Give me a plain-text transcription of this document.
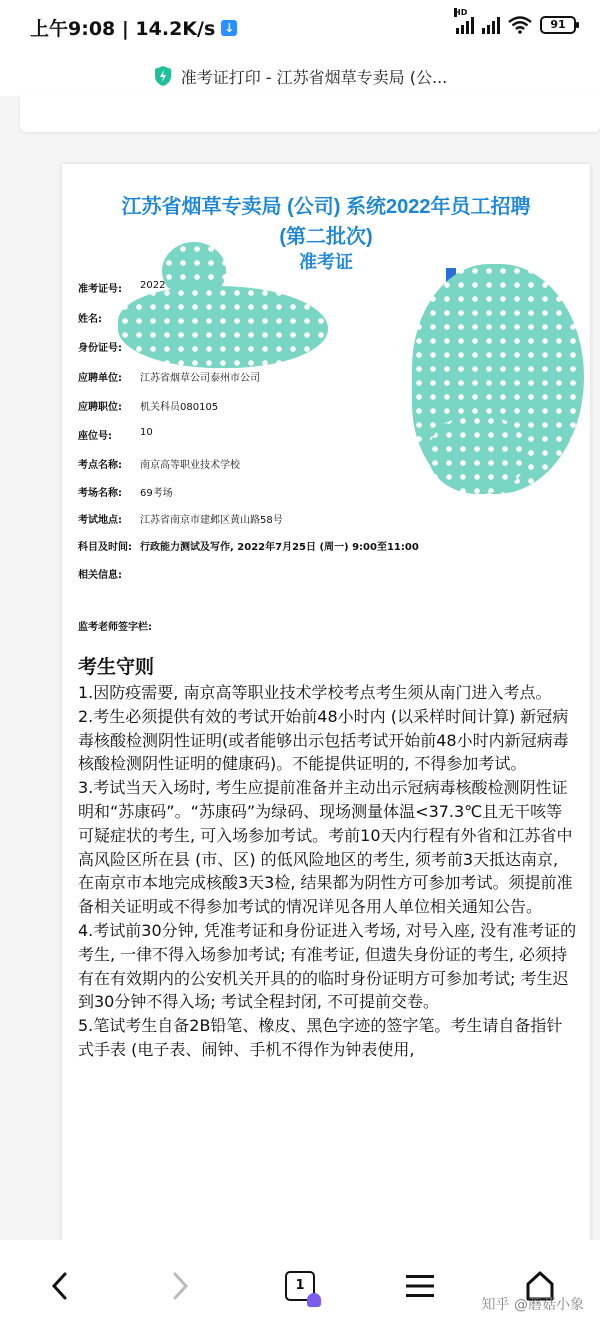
上午9:08 | 14.2K/s ↓
HD
91
准考证打印 - 江苏省烟草专卖局 (公...
江苏省烟草专卖局 (公司) 系统2022年员工招聘
(第二批次)
准考证
准考证号: 2022
姓名:
身份证号:
应聘单位: 江苏省烟草公司泰州市公司
应聘职位: 机关科员080105
座位号:	10
考点名称: 南京高等职业技术学校
考场名称: 69考场
考试地点: 江苏省南京市建邺区黄山路58号
科目及时间: 行政能力测试及写作, 2022年7月25日 (周一) 9:00至11:00
相关信息:
监考老师签字栏:
考生守则

1.因防疫需要, 南京高等职业技术学校考点考生须从南门进入考点。

2.考生必须提供有效的考试开始前48小时内 (以采样时间计算) 新冠病毒核酸检测阴性证明(或者能够出示包括考试开始前48小时内新冠病毒核酸检测阴性证明的健康码)。不能提供证明的, 不得参加考试。

3.考试当天入场时, 考生应提前准备并主动出示冠病毒核酸检测阴性证明和“苏康码”。“苏康码”为绿码、现场测量体温<37.3℃且无干咳等可疑症状的考生, 可入场参加考试。考前10天内行程有外省和江苏省中高风险区所在县 (市、区) 的低风险地区的考生, 须考前3天抵达南京, 在南京市本地完成核酸3天3检, 结果都为阴性方可参加考试。须提前准备相关证明或不得参加考试的情况详见各用人单位相关通知公告。

4.考试前30分钟, 凭准考证和身份证进入考场, 对号入座, 没有准考证的考生, 一律不得入场参加考试; 有准考证, 但遗失身份证的考生, 必须持有在有效期内的公安机关开具的的临时身份证明方可参加考试; 考生迟到30分钟不得入场; 考试全程封闭, 不可提前交卷。

5.笔试考生自备2B铅笔、橡皮、黑色字迹的签字笔。考生请自备指针式手表 (电子表、闹钟、手机不得作为钟表使用,

1
知乎 @蘑菇小象
